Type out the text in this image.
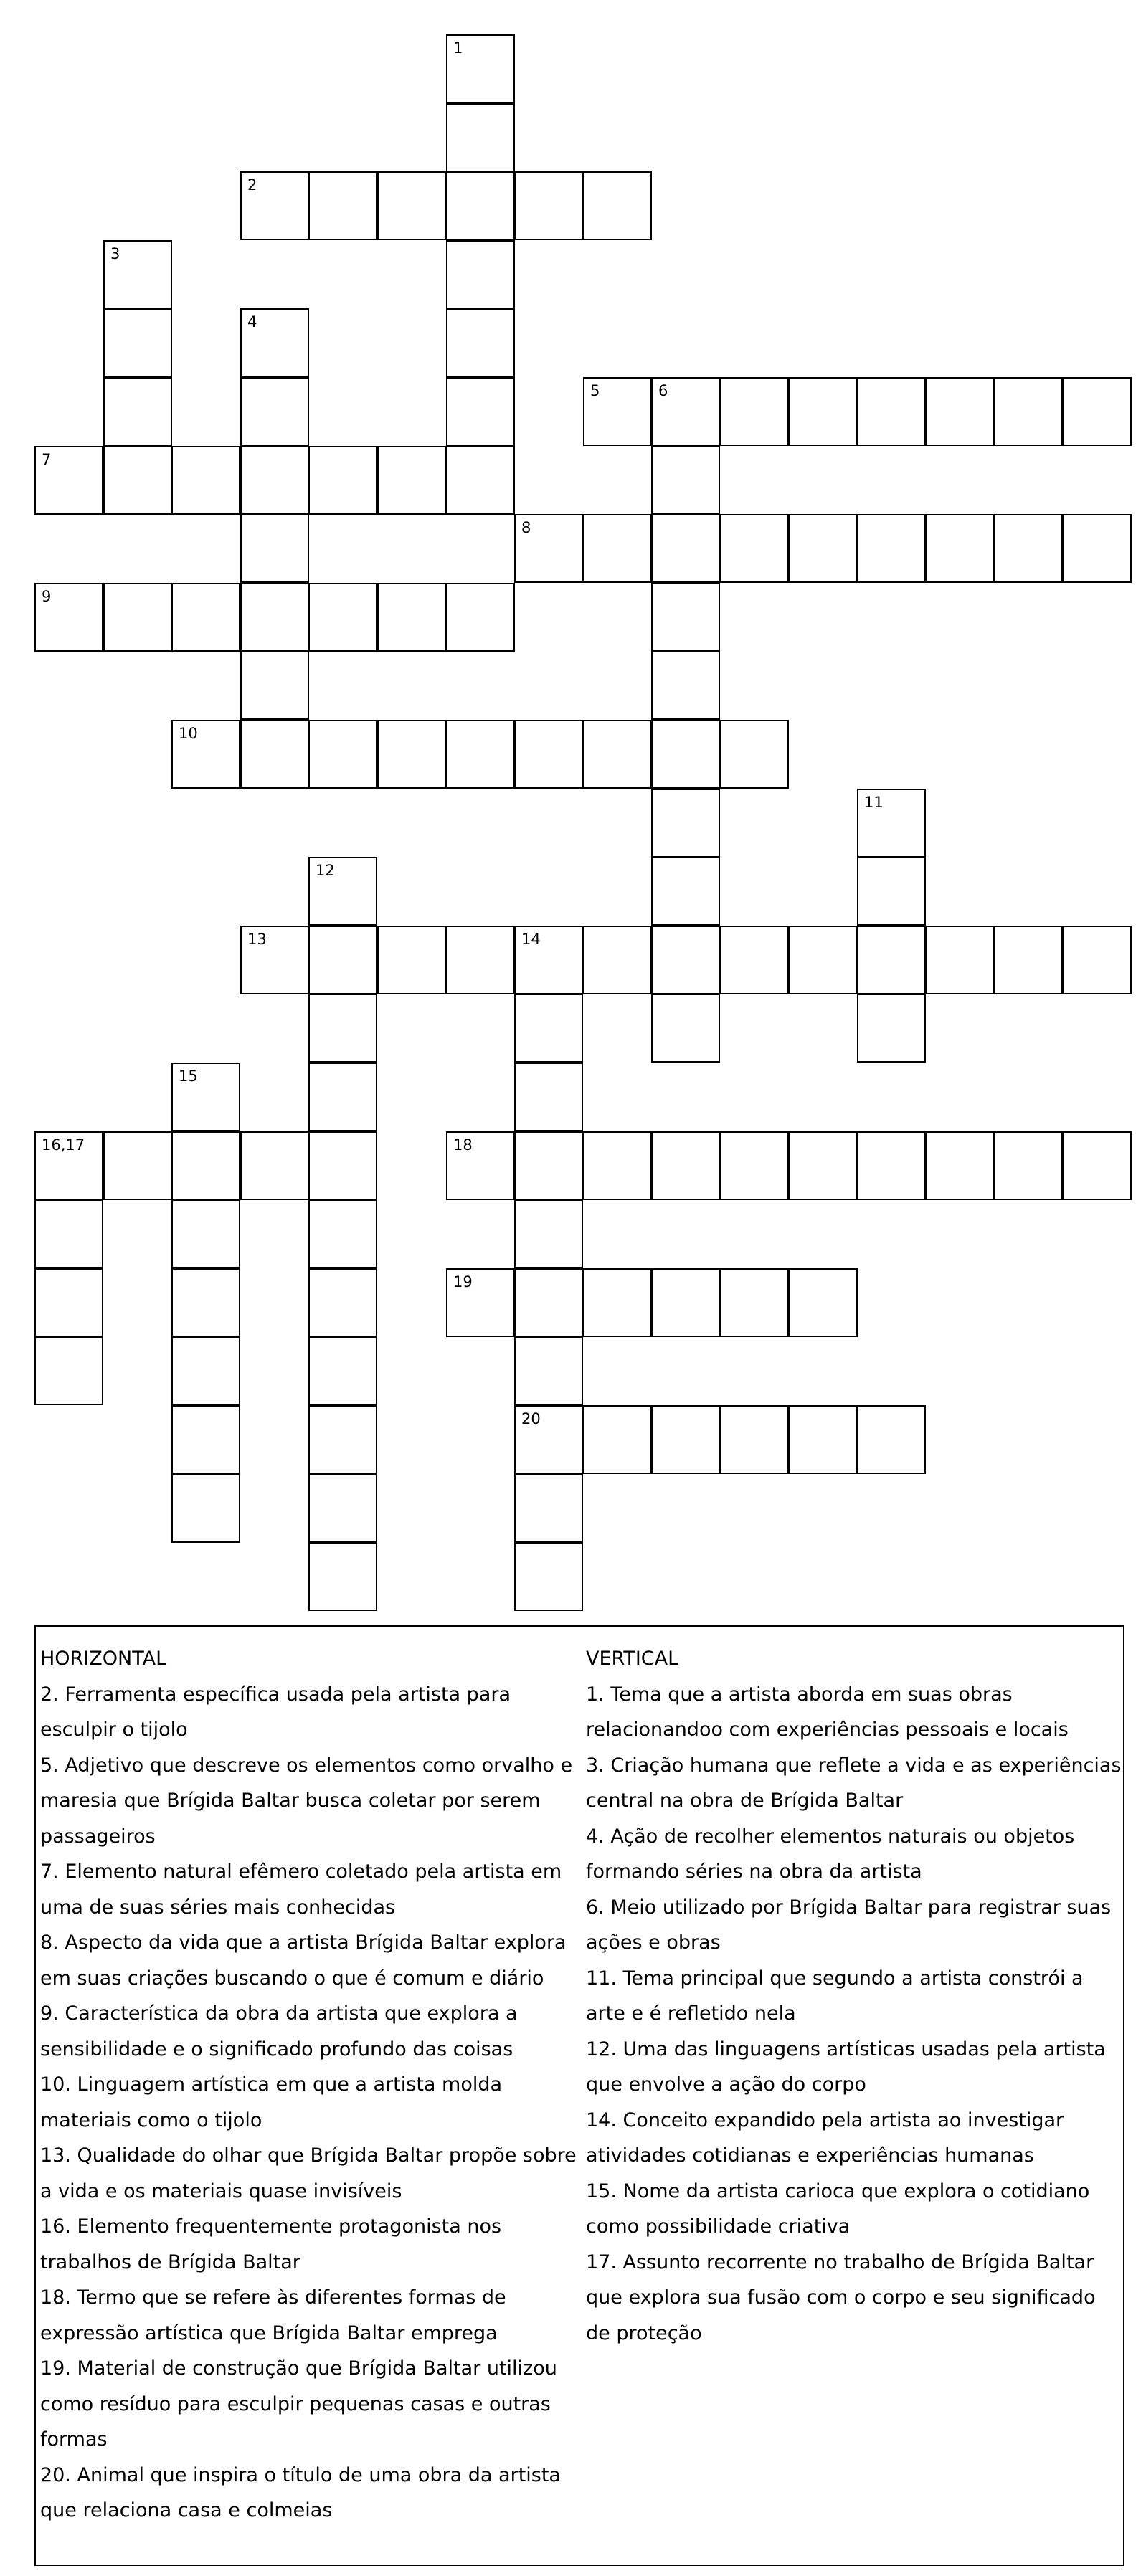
1
2
3
4
5	6
7
8
9
10
11
12
13	14
15
16,17	18
19
20

HORIZONTAL

2. Ferramenta específica usada pela artista para esculpir o tijolo

5. Adjetivo que descreve os elementos como orvalho e maresia que Brígida Baltar busca coletar por serem passageiros

7. Elemento natural efêmero coletado pela artista em uma de suas séries mais conhecidas

8. Aspecto da vida que a artista Brígida Baltar explora em suas criações buscando o que é comum e diário

9. Característica da obra da artista que explora a sensibilidade e o significado profundo das coisas

10. Linguagem artística em que a artista molda materiais como o tijolo

13. Qualidade do olhar que Brígida Baltar propõe sobre a vida e os materiais quase invisíveis

16. Elemento frequentemente protagonista nos trabalhos de Brígida Baltar

18. Termo que se refere às diferentes formas de expressão artística que Brígida Baltar emprega

19. Material de construção que Brígida Baltar utilizou como resíduo para esculpir pequenas casas e outras formas

20. Animal que inspira o título de uma obra da artista que relaciona casa e colmeias

VERTICAL

1. Tema que a artista aborda em suas obras relacionandoo com experiências pessoais e locais

3. Criação humana que reflete a vida e as experiências central na obra de Brígida Baltar

4. Ação de recolher elementos naturais ou objetos formando séries na obra da artista

6. Meio utilizado por Brígida Baltar para registrar suas ações e obras

11. Tema principal que segundo a artista constrói a arte e é refletido nela

12. Uma das linguagens artísticas usadas pela artista que envolve a ação do corpo

14. Conceito expandido pela artista ao investigar atividades cotidianas e experiências humanas

15. Nome da artista carioca que explora o cotidiano como possibilidade criativa

17. Assunto recorrente no trabalho de Brígida Baltar que explora sua fusão com o corpo e seu significado de proteção
